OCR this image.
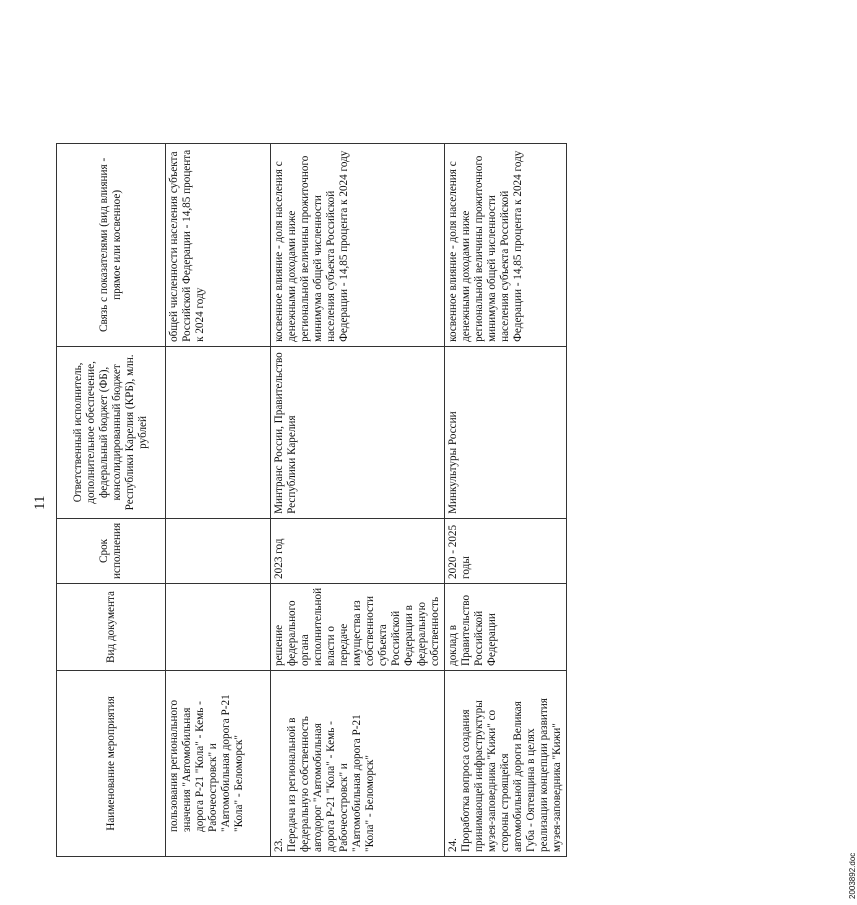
11
Наименование мероприятия	Вид документа	Срок исполнения	Ответственный исполнитель, дополнительное обеспечение, федеральный бюджет (ФБ), консолидированный бюджет Республики Карелия (КРБ), млн. рублей	Связь с показателями (вид влияния - прямое или косвенное)
пользования регионального значения "Автомобильная дорога Р-21 "Кола" - Кемь - Рабочеостровск" и "Автомобильная дорога Р-21 "Кола" - Беломорск"				общей численности населения субъекта Российской Федерации - 14,85 процента к 2024 году
23.Передача из региональной в федеральную собственность автодорог "Автомобильная дорога Р-21 "Кола" - Кемь - Рабочеостровск" и "Автомобильная дорога Р-21 "Кола" - Беломорск"	решение федерального органа исполнительной власти о передаче имущества из собственности субъекта Российской Федерации в федеральную собственность	2023 год	Минтранс России, Правительство Республики Карелия	косвенное влияние - доля населения с денежными доходами ниже региональной величины прожиточного минимума общей численности населения субъекта Российской Федерации - 14,85 процента к 2024 году
24.Проработка вопроса создания принимающей инфраструктуры музея-заповедника "Кижи" со стороны строящейся автомобильной дороги Великая Губа - Оятевщина в целях реализации концепции развития музея-заповедника "Кижи"	доклад в Правительство Российской Федерации	2020 - 2025 годы	Минкультуры России	косвенное влияние - доля населения с денежными доходами ниже региональной величины прожиточного минимума общей численности населения субъекта Российской Федерации - 14,85 процента к 2024 году
2003892.doc
